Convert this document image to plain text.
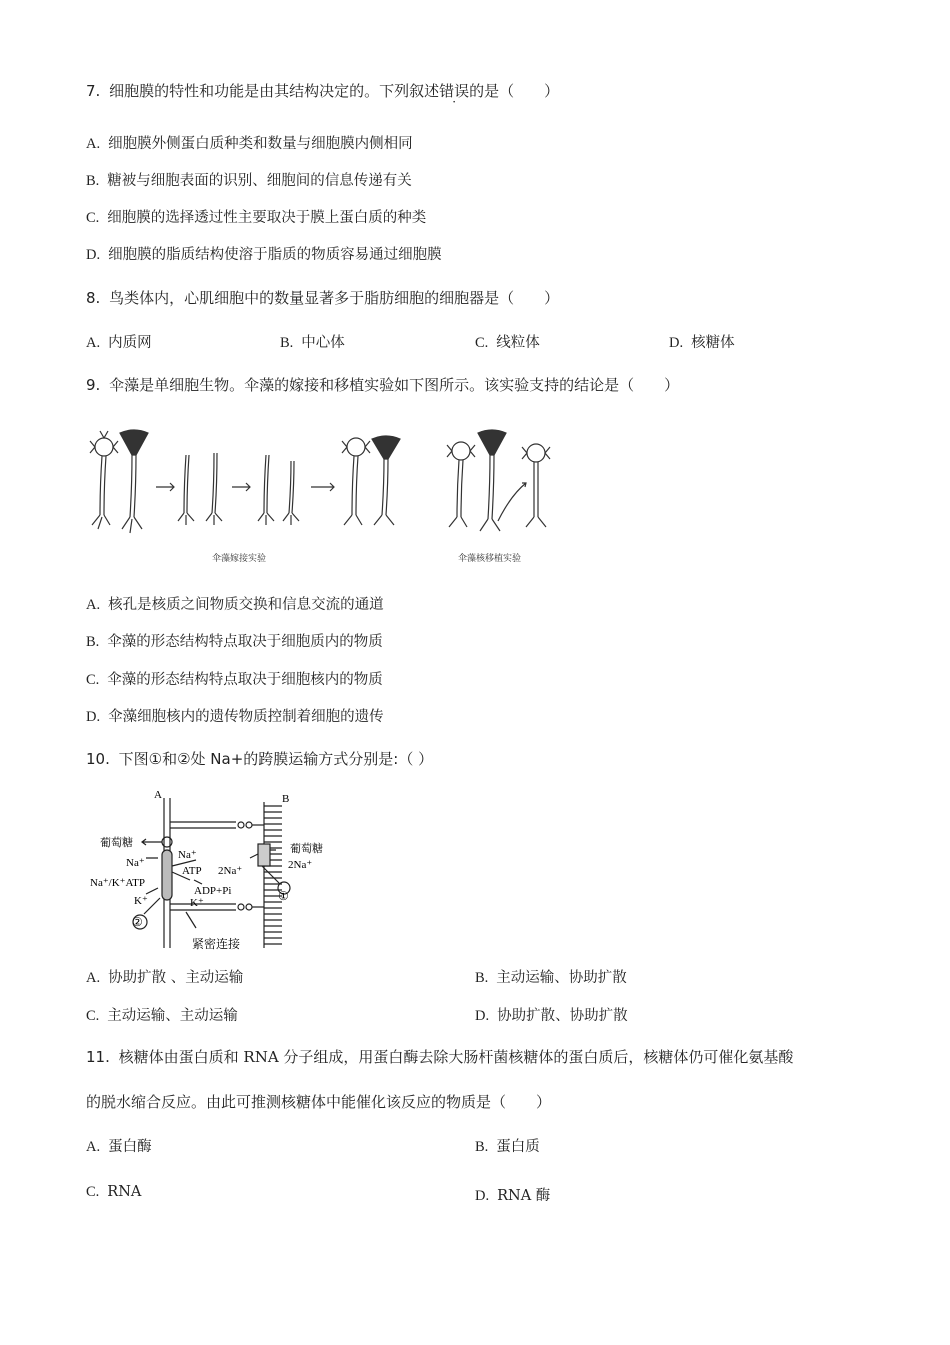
7. 细胞膜的特性和功能是由其结构决定的。下列叙述错误的是（　　）
A. 细胞膜外侧蛋白质种类和数量与细胞膜内侧相同
B. 糖被与细胞表面的识别、细胞间的信息传递有关
C. 细胞膜的选择透过性主要取决于膜上蛋白质的种类
D. 细胞膜的脂质结构使溶于脂质的物质容易通过细胞膜
8. 鸟类体内，心肌细胞中的数量显著多于脂肪细胞的细胞器是（　　）
A. 内质网	B. 中心体	C. 线粒体	D. 核糖体
9. 伞藻是单细胞生物。伞藻的嫁接和移植实验如下图所示。该实验支持的结论是（　　）
伞藻嫁接实验	伞藻核移植实验
A. 核孔是核质之间物质交换和信息交流的通道
B. 伞藻的形态结构特点取决于细胞质内的物质
C. 伞藻的形态结构特点取决于细胞核内的物质
D. 伞藻细胞核内的遗传物质控制着细胞的遗传
10. 下图①和②处 Na+的跨膜运输方式分别是:（ ）
A	B
葡萄糖	葡萄糖
Na⁺
Na⁺
ATP 2Na⁺	2Na⁺
Na⁺/K⁺ATP
ADP+Pi
K⁺	K⁺	①
②
紧密连接
A. 协助扩散 、主动运输	B. 主动运输、协助扩散
C. 主动运输、主动运输	D. 协助扩散、协助扩散
11. 核糖体由蛋白质和 RNA 分子组成，用蛋白酶去除大肠杆菌核糖体的蛋白质后，核糖体仍可催化氨基酸
的脱水缩合反应。由此可推测核糖体中能催化该反应的物质是（　　）
A. 蛋白酶	B. 蛋白质
C. RNA	D. RNA 酶
